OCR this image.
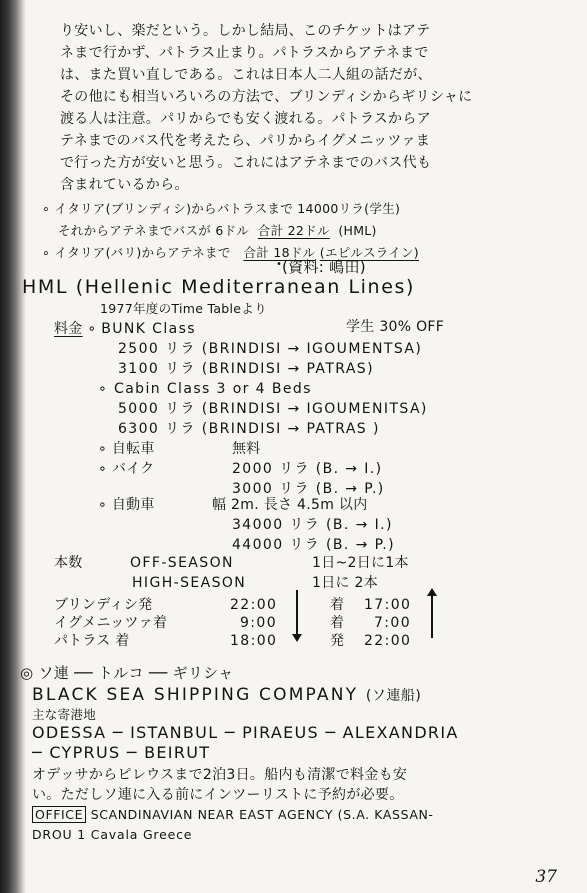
り安いし、楽だという。しかし結局、このチケットはアテ
ネまで行かず、パトラス止まり。パトラスからアテネまで
は、また買い直しである。これは日本人二人組の話だが、
その他にも相当いろいろの方法で、ブリンディシからギリシャに
渡る人は注意。パリからでも安く渡れる。パトラスからア
テネまでのバス代を考えたら、パリからイグメニッツァま
で行った方が安いと思う。これにはアテネまでのバス代も
含まれているから。
∘ イタリア(ブリンディシ)からパトラスまで 14000リラ(学生)
それからアテネまでバスが 6ドル 合計 22ドル (HML)
∘ イタリア(バリ)からアテネまで 合計 18ドル (エピルスライン)
• (資料: 嶋田)
HML (Hellenic Mediterranean Lines)
1977年度のTime Tableより
料金 ∘ BUNK Class	学生 30% OFF
2500 リラ (BRINDISI → IGOUMENTSA)
3100 リラ (BRINDISI → PATRAS)
∘ Cabin Class 3 or 4 Beds
5000 リラ (BRINDISI → IGOUMENITSA)
6300 リラ (BRINDISI → PATRAS )
∘ 自転車	無料
∘ バイク	2000 リラ (B. → I.)
3000 リラ (B. → P.)
∘ 自動車	幅 2m. 長さ 4.5m 以内
34000 リラ (B. → I.)
44000 リラ (B. → P.)
本数	OFF-SEASON	1日~2日に1本
HIGH-SEASON	1日に 2本
ブリンディシ発	22:00	着 17:00
イグメニッツァ着	9:00	着 7:00
パトラス 着	18:00	発 22:00
◎ ソ連 ── トルコ ── ギリシャ
BLACK SEA SHIPPING COMPANY (ソ連船)
主な寄港地
ODESSA ─ ISTANBUL ─ PIRAEUS ─ ALEXANDRIA
─ CYPRUS ─ BEIRUT
オデッサからピレウスまで2泊3日。船内も清潔で料金も安
い。ただしソ連に入る前にインツーリストに予約が必要。
OFFICE SCANDINAVIAN NEAR EAST AGENCY (S.A. KASSAN-
DROU 1 Cavala Greece
37
